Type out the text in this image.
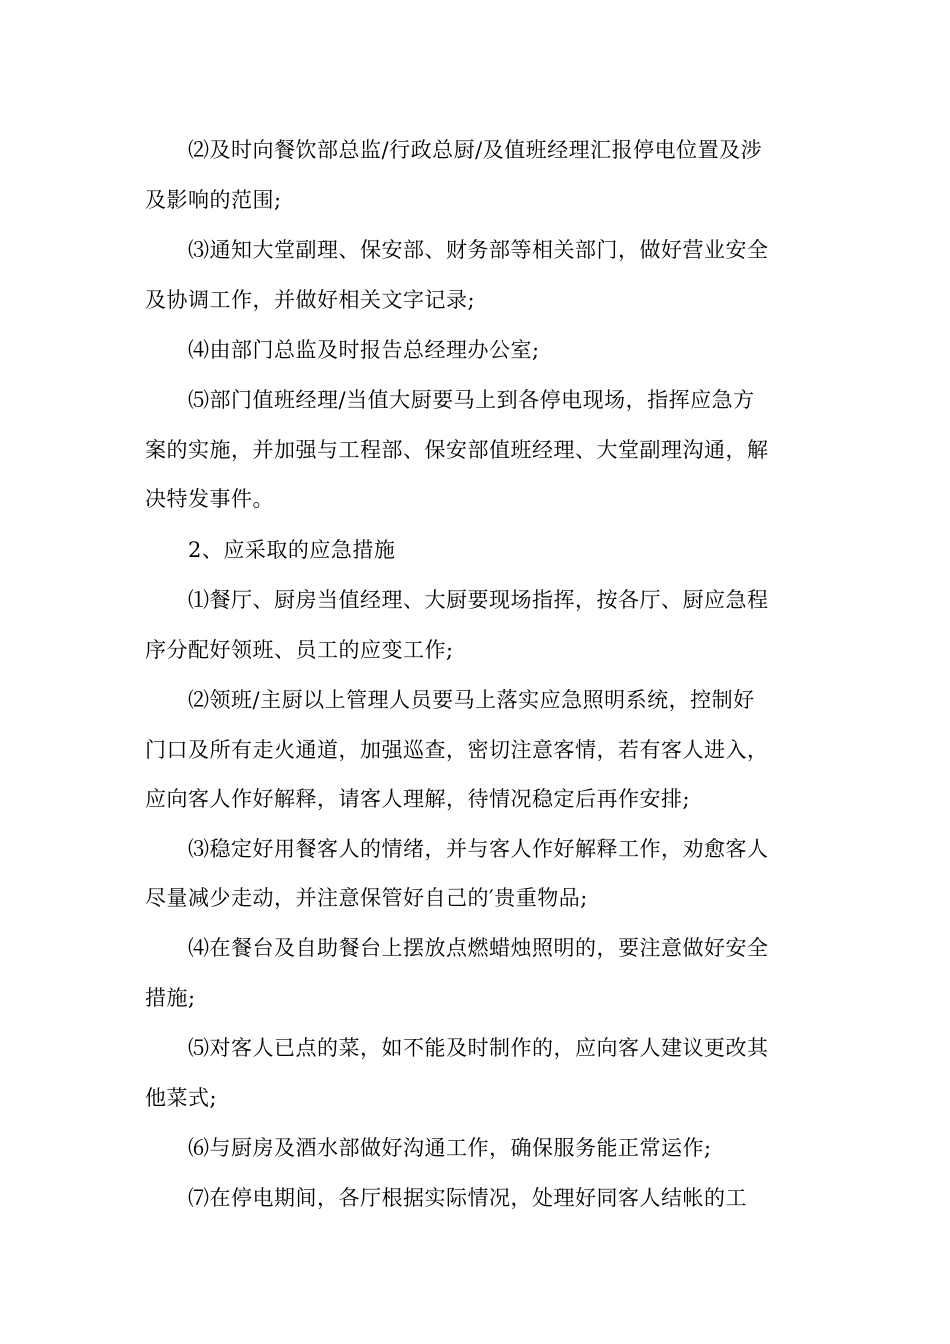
⑵及时向餐饮部总监/行政总厨/及值班经理汇报停电位置及涉
及影响的范围;
⑶通知大堂副理、保安部、财务部等相关部门，做好营业安全
及协调工作，并做好相关文字记录;
⑷由部门总监及时报告总经理办公室;
⑸部门值班经理/当值大厨要马上到各停电现场，指挥应急方
案的实施，并加强与工程部、保安部值班经理、大堂副理沟通，解
决特发事件。
2、应采取的应急措施
⑴餐厅、厨房当值经理、大厨要现场指挥，按各厅、厨应急程
序分配好领班、员工的应变工作;
⑵领班/主厨以上管理人员要马上落实应急照明系统，控制好
门口及所有走火通道，加强巡查，密切注意客情，若有客人进入，
应向客人作好解释，请客人理解，待情况稳定后再作安排;
⑶稳定好用餐客人的情绪，并与客人作好解释工作，劝愈客人
尽量减少走动，并注意保管好自己的′贵重物品;
⑷在餐台及自助餐台上摆放点燃蜡烛照明的，要注意做好安全
措施;
⑸对客人已点的菜，如不能及时制作的，应向客人建议更改其
他菜式;
⑹与厨房及酒水部做好沟通工作，确保服务能正常运作;
⑺在停电期间，各厅根据实际情况，处理好同客人结帐的工
